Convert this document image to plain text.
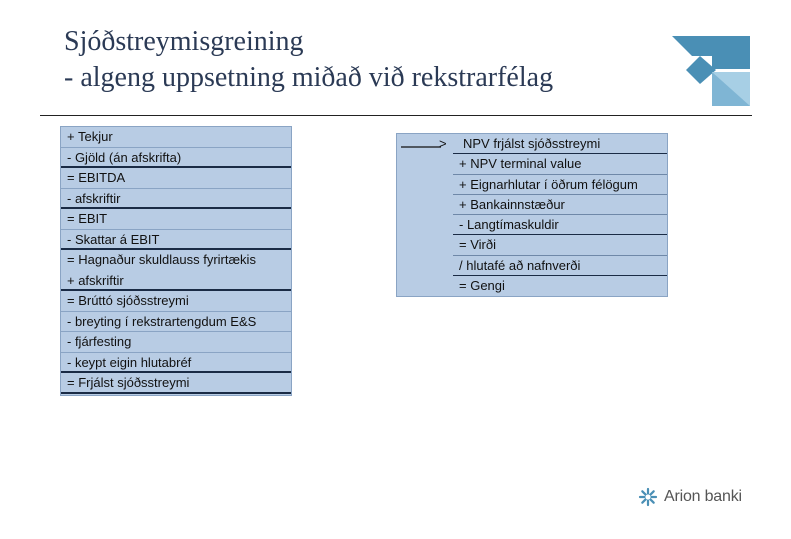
Sjóðstreymisgreining
- algeng uppsetning miðað við rekstrarfélag
+ Tekjur
- Gjöld (án afskrifta)
= EBITDA
- afskriftir
= EBIT
- Skattar á EBIT
= Hagnaður skuldlauss fyrirtækis
+ afskriftir
= Brúttó sjóðsstreymi
- breyting í rekstrartengdum E&S
- fjárfesting
- keypt eigin hlutabréf
= Frjálst sjóðsstreymi
> NPV frjálst sjóðsstreymi
+ NPV terminal value
+ Eignarhlutar í öðrum félögum
+ Bankainnstæður
- Langtímaskuldir
= Virði
/ hlutafé að nafnverði
= Gengi
Arion banki
